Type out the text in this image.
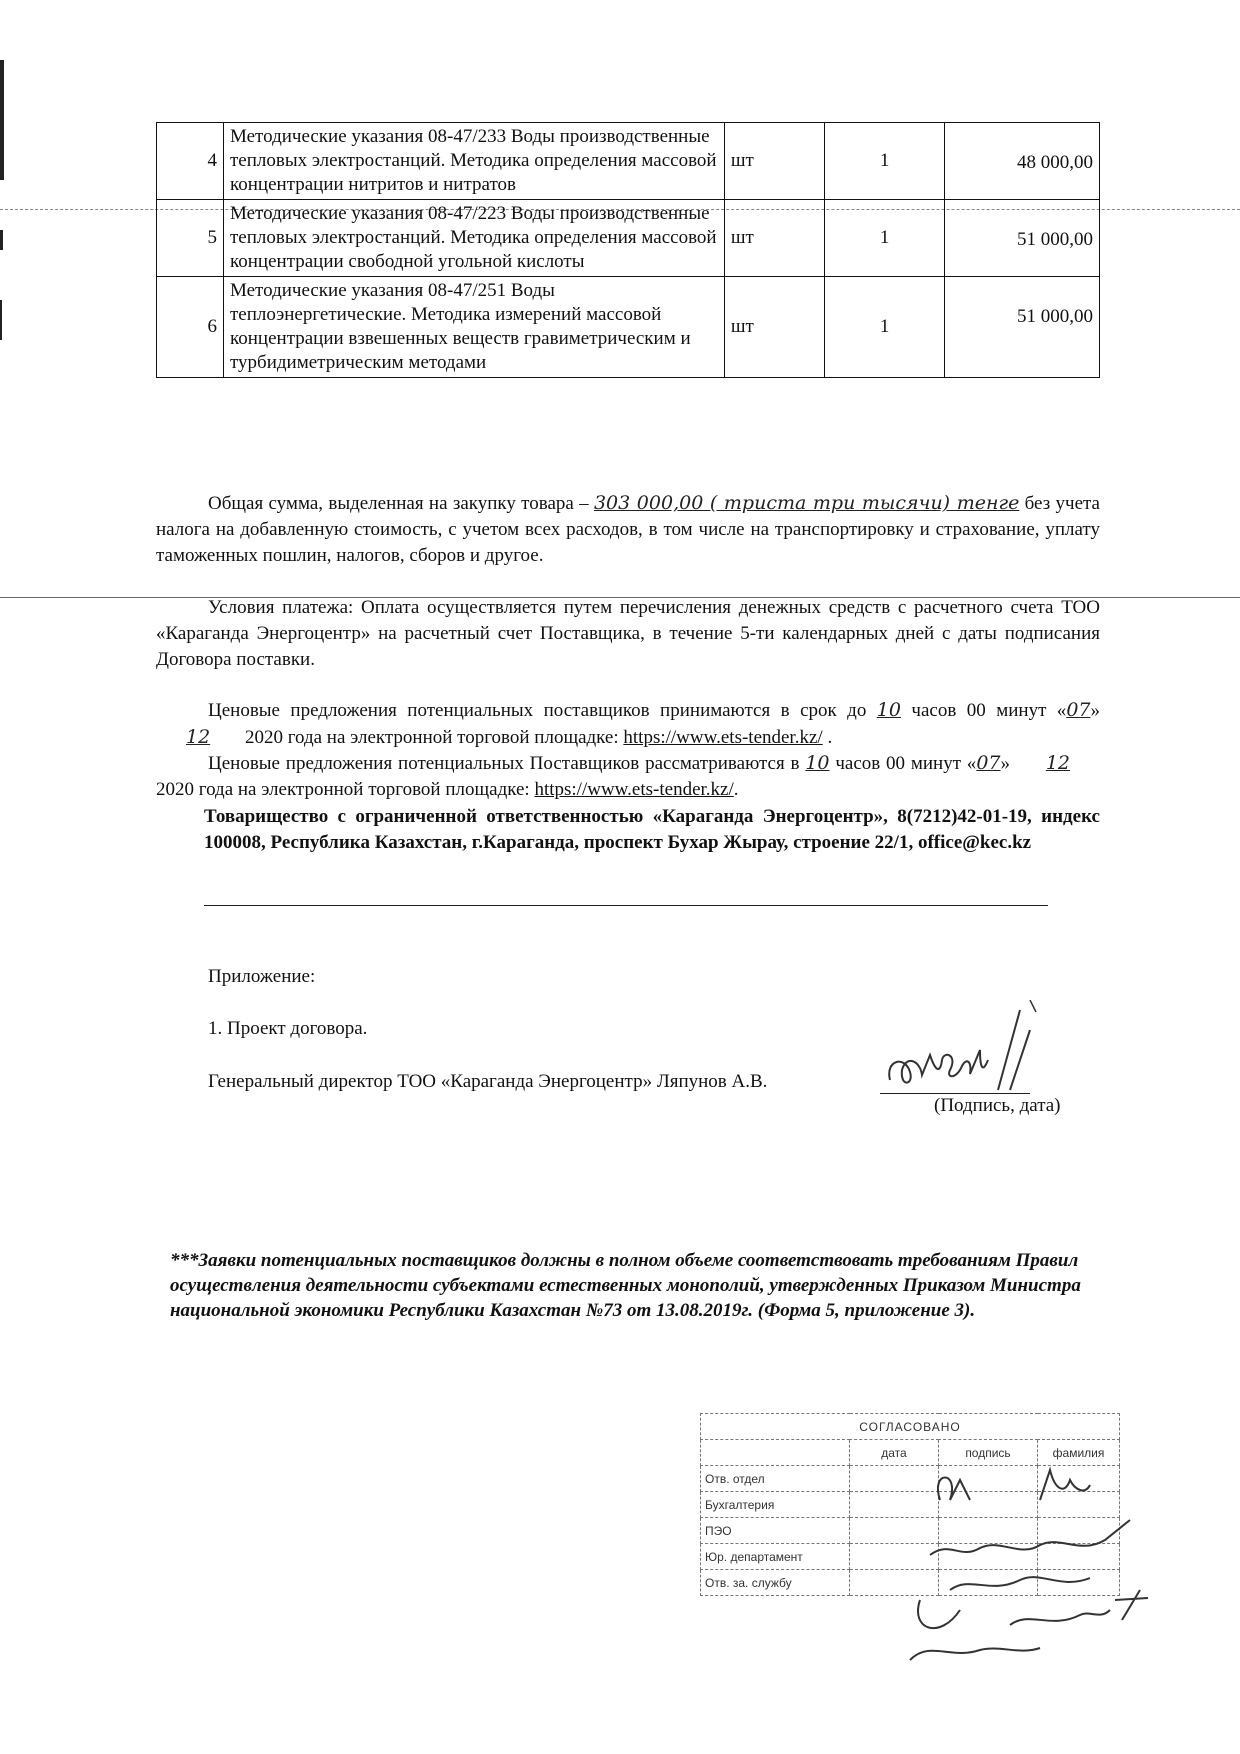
4	Методические указания 08-47/233 Воды производственные тепловых электростанций. Методика определения массовой концентрации нитритов и нитратов	шт	1	48 000,00
5	Методические указания 08-47/223 Воды производственные тепловых электростанций. Методика определения массовой концентрации свободной угольной кислоты	шт	1	51 000,00
6	Методические указания 08-47/251 Воды теплоэнергетические. Методика измерений массовой концентрации взвешенных веществ гравиметрическим и турбидиметрическим методами	шт	1	51 000,00
Общая сумма, выделенная на закупку товара – 303 000,00 ( триста три тысячи) тенге без учета налога на добавленную стоимость, с учетом всех расходов, в том числе на транспортировку и страхование, уплату таможенных пошлин, налогов, сборов и другое.
Условия платежа: Оплата осуществляется путем перечисления денежных средств с расчетного счета ТОО «Караганда Энергоцентр» на расчетный счет Поставщика, в течение 5-ти календарных дней с даты подписания Договора поставки.
Ценовые предложения потенциальных поставщиков принимаются в срок до 10 часов 00 минут «07» 12 2020 года на электронной торговой площадке: https://www.ets-tender.kz/ .
Ценовые предложения потенциальных Поставщиков рассматриваются в 10 часов 00 минут «07» 12 2020 года на электронной торговой площадке: https://www.ets-tender.kz/.
Товарищество с ограниченной ответственностью «Караганда Энергоцентр», 8(7212)42-01-19, индекс 100008, Республика Казахстан, г.Караганда, проспект Бухар Жырау, строение 22/1, office@kec.kz
Приложение:
1. Проект договора.
Генеральный директор ТОО «Караганда Энергоцентр» Ляпунов А.В.
(Подпись, дата)
***Заявки потенциальных поставщиков должны в полном объеме соответствовать требованиям Правил осуществления деятельности субъектами естественных монополий, утвержденных Приказом Министра национальной экономики Республики Казахстан №73 от 13.08.2019г. (Форма 5, приложение 3).
СОГЛАСОВАНО			
	дата	подпись	фамилия
Отв. отдел			
Бухгалтерия			
ПЭО			
Юр. департамент			
Отв. за. службу			
